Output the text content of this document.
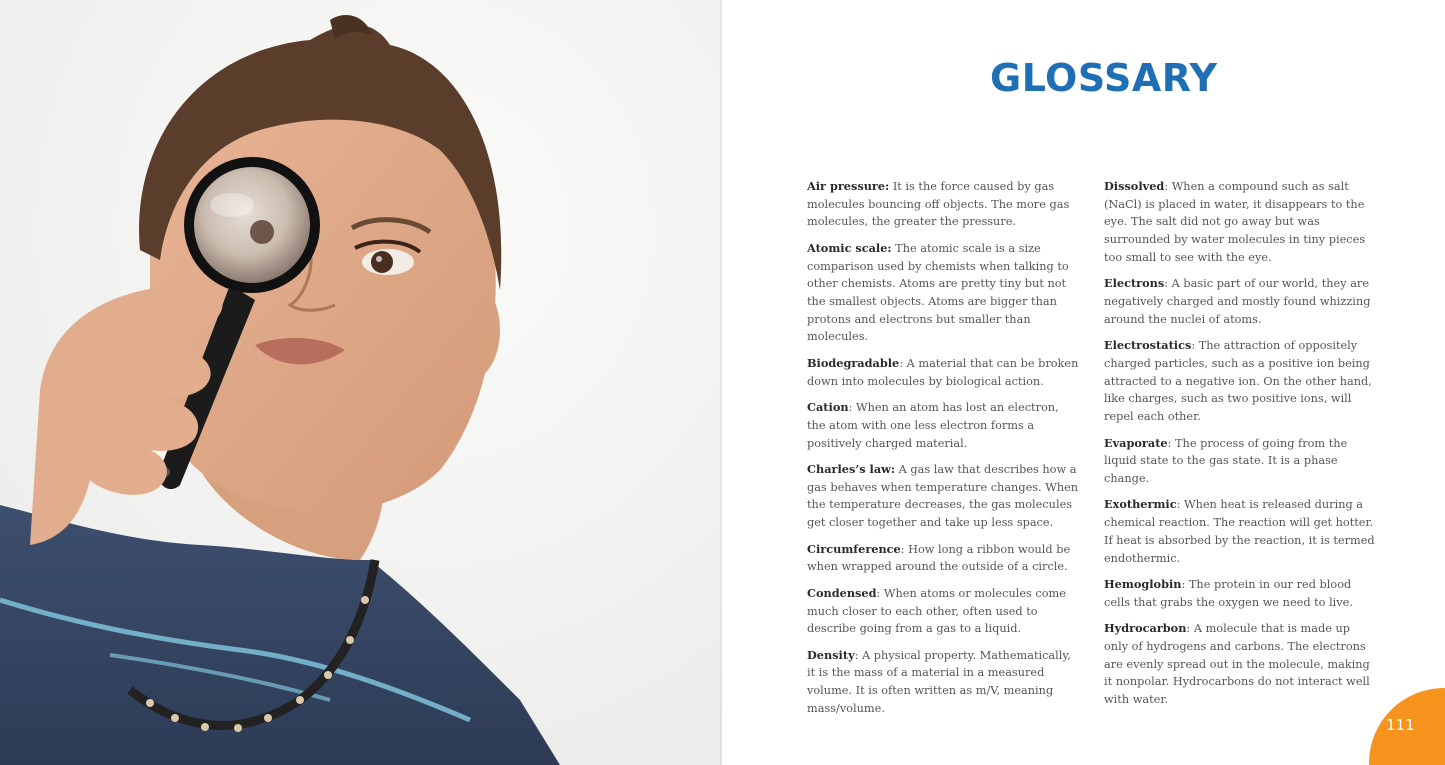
GLOSSARY

Air pressure: It is the force caused by gas molecules bouncing off objects. The more gas molecules, the greater the pressure.

Atomic scale: The atomic scale is a size comparison used by chemists when talking to other chemists. Atoms are pretty tiny but not the smallest objects. Atoms are bigger than protons and electrons but smaller than molecules.

Biodegradable: A material that can be broken down into molecules by biological action.

Cation: When an atom has lost an electron, the atom with one less electron forms a positively charged material.

Charles’s law: A gas law that describes how a gas behaves when temperature changes. When the temperature decreases, the gas molecules get closer together and take up less space.

Circumference: How long a ribbon would be when wrapped around the outside of a circle.

Condensed: When atoms or molecules come much closer to each other, often used to describe going from a gas to a liquid.

Density: A physical property. Mathematically, it is the mass of a material in a measured volume. It is often written as m/V, meaning mass/volume.

Dissolved: When a compound such as salt (NaCl) is placed in water, it disappears to the eye. The salt did not go away but was surrounded by water molecules in tiny pieces too small to see with the eye.

Electrons: A basic part of our world, they are negatively charged and mostly found whizzing around the nuclei of atoms.

Electrostatics: The attraction of oppositely charged particles, such as a positive ion being attracted to a negative ion. On the other hand, like charges, such as two positive ions, will repel each other.

Evaporate: The process of going from the liquid state to the gas state. It is a phase change.

Exothermic: When heat is released during a chemical reaction. The reaction will get hotter. If heat is absorbed by the reaction, it is termed endothermic.

Hemoglobin: The protein in our red blood cells that grabs the oxygen we need to live.

Hydrocarbon: A molecule that is made up only of hydrogens and carbons. The electrons are evenly spread out in the molecule, making it nonpolar. Hydrocarbons do not interact well with water.

111
